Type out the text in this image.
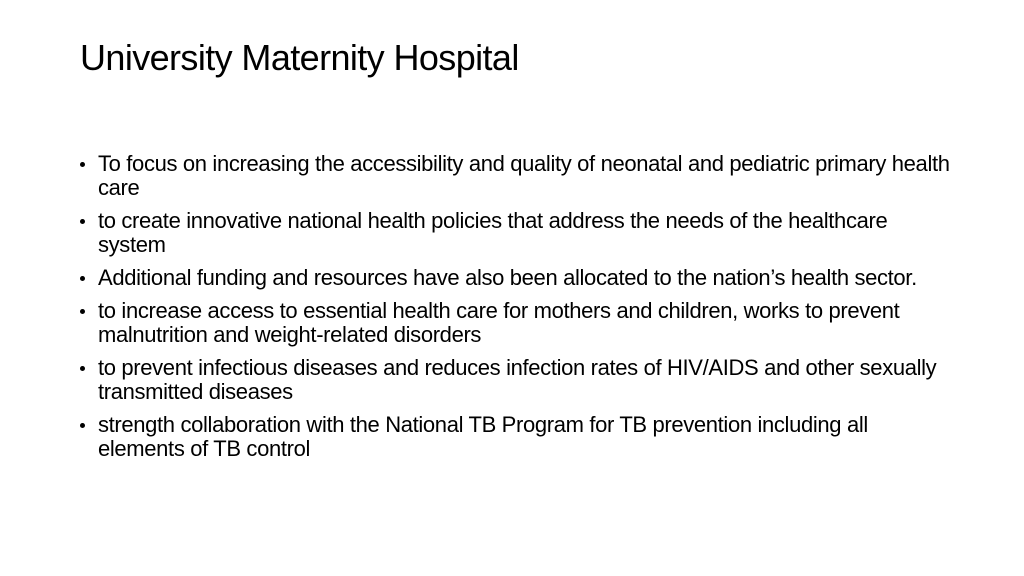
University Maternity Hospital
To focus on increasing the accessibility and quality of neonatal and pediatric primary health care
to create innovative national health policies that address the needs of the healthcare system
Additional funding and resources have also been allocated to the nation’s health sector.
to increase access to essential health care for mothers and children, works to prevent malnutrition and weight-related disorders
to prevent infectious diseases and reduces infection rates of HIV/AIDS and other sexually transmitted diseases
strength collaboration with the National TB Program for TB prevention including all elements of TB control
